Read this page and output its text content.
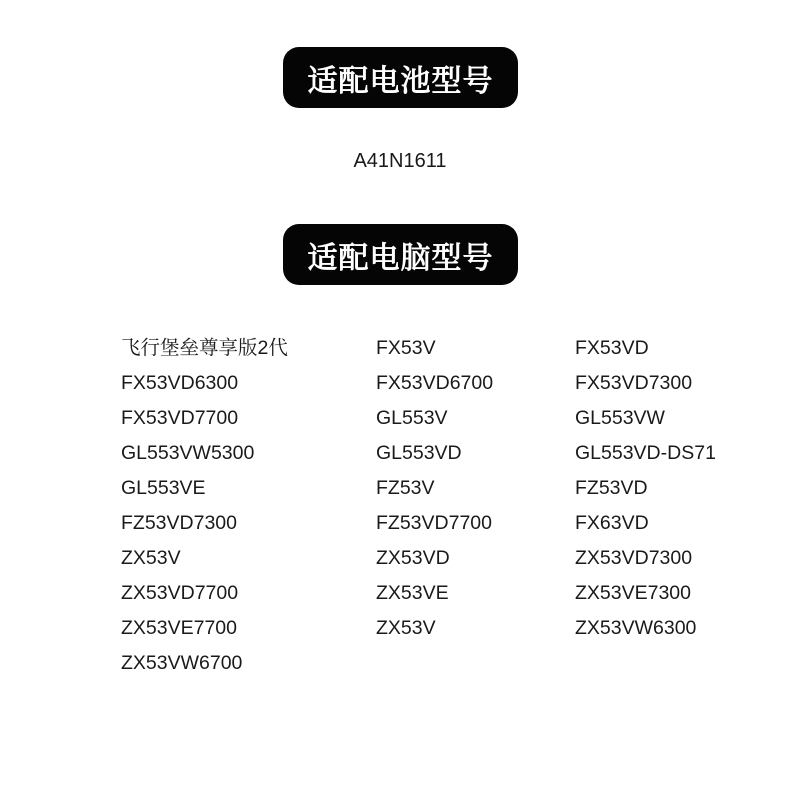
适配电池型号
A41N1611
适配电脑型号
飞行堡垒尊享版2代
FX53VD6300
FX53VD7700
GL553VW5300
GL553VE
FZ53VD7300
ZX53V
ZX53VD7700
ZX53VE7700
ZX53VW6700
FX53V
FX53VD6700
GL553V
GL553VD
FZ53V
FZ53VD7700
ZX53VD
ZX53VE
ZX53V
FX53VD
FX53VD7300
GL553VW
GL553VD-DS71
FZ53VD
FX63VD
ZX53VD7300
ZX53VE7300
ZX53VW6300
